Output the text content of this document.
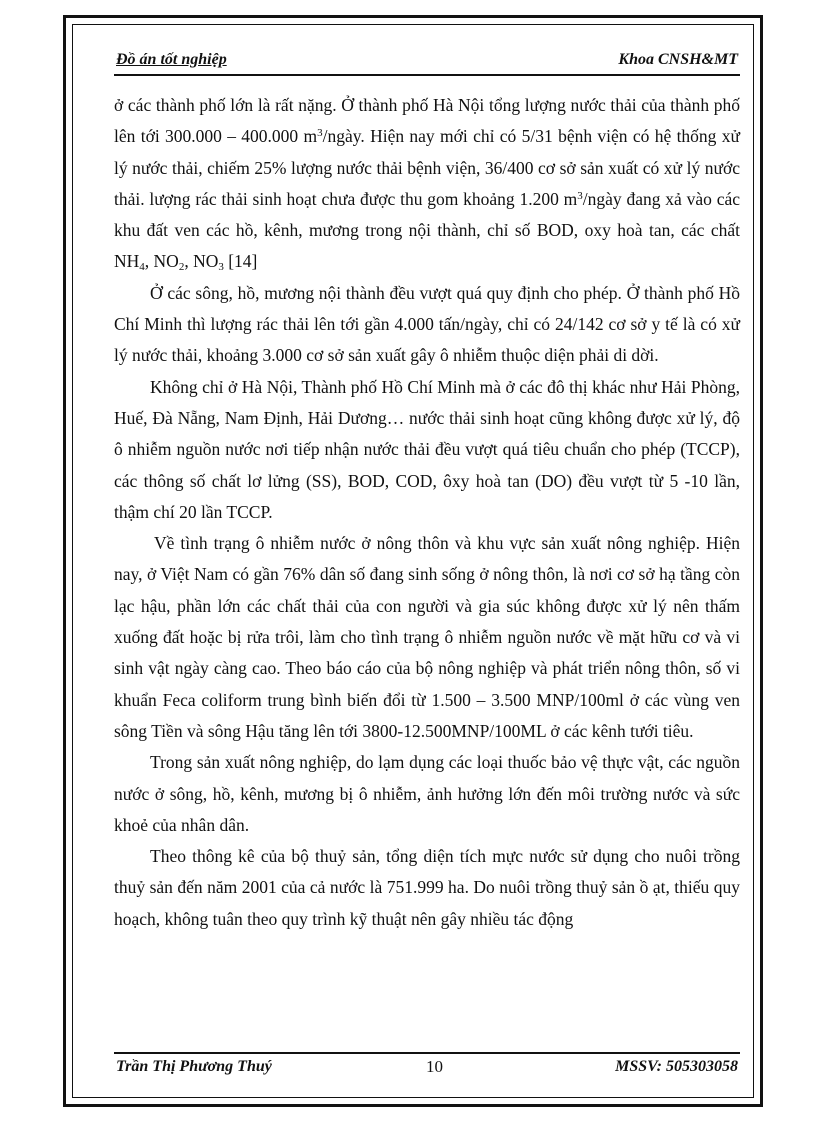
Đồ án tốt nghiệp	Khoa CNSH&MT

ở các thành phố lớn là rất nặng. Ở thành phố Hà Nội tổng lượng nước thải của thành phố lên tới 300.000 – 400.000 $m^3$/ngày. Hiện nay mới chỉ có 5/31 bệnh viện có hệ thống xử lý nước thải, chiếm 25% lượng nước thải bệnh viện, 36/400 cơ sở sản xuất có xử lý nước thải. lượng rác thải sinh hoạt chưa được thu gom khoảng 1.200 $m^3$/ngày đang xả vào các khu đất ven các hồ, kênh, mương trong nội thành, chỉ số BOD, oxy hoà tan, các chất $NH_4$, $NO_2$, $NO_3$ [14]

Ở các sông, hồ, mương nội thành đều vượt quá quy định cho phép. Ở thành phố Hồ Chí Minh thì lượng rác thải lên tới gần 4.000 tấn/ngày, chỉ có 24/142 cơ sở y tế là có xử lý nước thải, khoảng 3.000 cơ sở sản xuất gây ô nhiễm thuộc diện phải di dời.

Không chỉ ở Hà Nội, Thành phố Hồ Chí Minh mà ở các đô thị khác như Hải Phòng, Huế, Đà Nẵng, Nam Định, Hải Dương… nước thải sinh hoạt cũng không được xử lý, độ ô nhiễm nguồn nước nơi tiếp nhận nước thải đều vượt quá tiêu chuẩn cho phép (TCCP), các thông số chất lơ lửng (SS), BOD, COD, ôxy hoà tan (DO) đều vượt từ 5 -10 lần, thậm chí 20 lần TCCP.

Về tình trạng ô nhiễm nước ở nông thôn và khu vực sản xuất nông nghiệp. Hiện nay, ở Việt Nam có gần 76% dân số đang sinh sống ở nông thôn, là nơi cơ sở hạ tầng còn lạc hậu, phần lớn các chất thải của con người và gia súc không được xử lý nên thấm xuống đất hoặc bị rửa trôi, làm cho tình trạng ô nhiễm nguồn nước về mặt hữu cơ và vi sinh vật ngày càng cao. Theo báo cáo của bộ nông nghiệp và phát triển nông thôn, số vi khuẩn Feca coliform trung bình biến đổi từ 1.500 – 3.500 MNP/100ml ở các vùng ven sông Tiền và sông Hậu tăng lên tới 3800-12.500MNP/100ML ở các kênh tưới tiêu.

Trong sản xuất nông nghiệp, do lạm dụng các loại thuốc bảo vệ thực vật, các nguồn nước ở sông, hồ, kênh, mương bị ô nhiễm, ảnh hưởng lớn đến môi trường nước và sức khoẻ của nhân dân.

Theo thông kê của bộ thuỷ sản, tổng diện tích mực nước sử dụng cho nuôi trồng thuỷ sản đến năm 2001 của cả nước là 751.999 ha. Do nuôi trồng thuỷ sản ồ ạt, thiếu quy hoạch, không tuân theo quy trình kỹ thuật nên gây nhiều tác động

Trần Thị Phương Thuý	10	MSSV: 505303058
